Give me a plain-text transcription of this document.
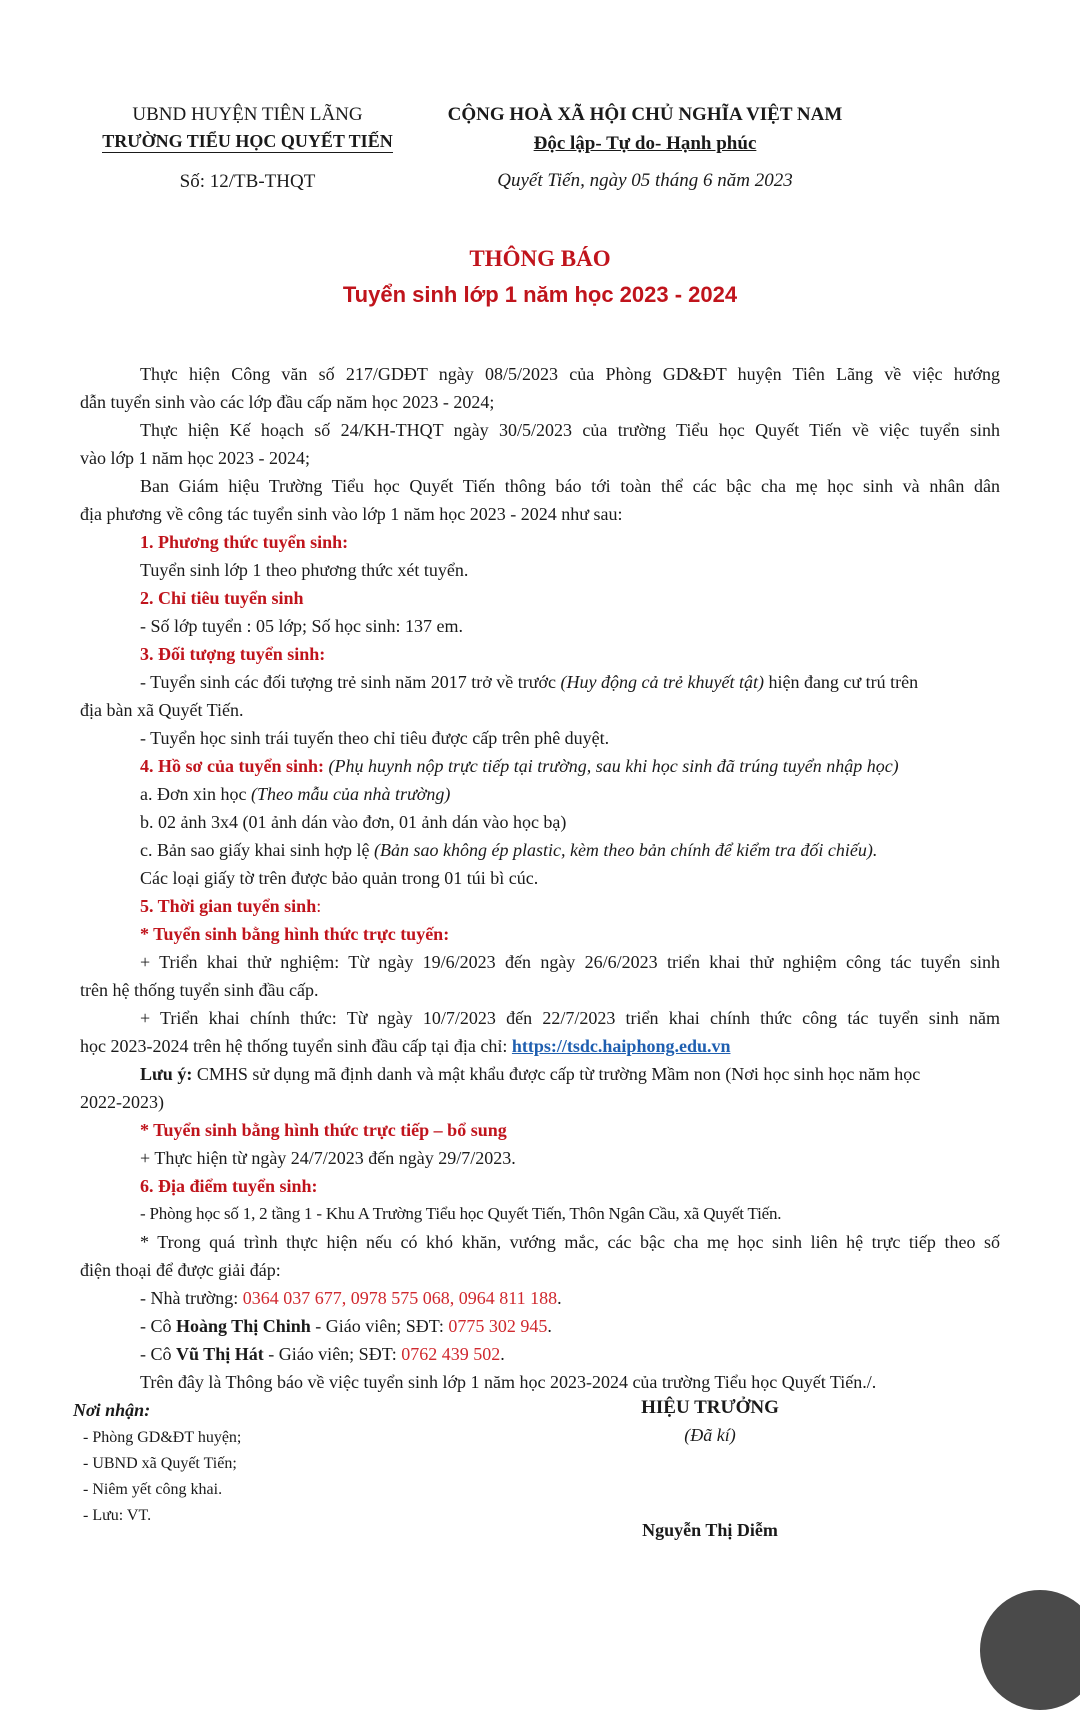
UBND HUYỆN TIÊN LÃNG
TRƯỜNG TIỂU HỌC QUYẾT TIẾN
Số: 12/TB-THQT
CỘNG HOÀ XÃ HỘI CHỦ NGHĨA VIỆT NAM
Độc lập- Tự do- Hạnh phúc
Quyết Tiến, ngày 05 tháng 6 năm 2023
THÔNG BÁO
Tuyển sinh lớp 1 năm học 2023 - 2024
Thực hiện Công văn số 217/GDĐT ngày 08/5/2023 của Phòng GD&ĐT huyện Tiên Lãng về việc hướng
dẫn tuyển sinh vào các lớp đầu cấp năm học 2023 - 2024;
Thực hiện Kế hoạch số 24/KH-THQT ngày 30/5/2023 của trường Tiểu học Quyết Tiến về việc tuyển sinh
vào lớp 1 năm học 2023 - 2024;
Ban Giám hiệu Trường Tiểu học Quyết Tiến thông báo tới toàn thể các bậc cha mẹ học sinh và nhân dân
địa phương về công tác tuyển sinh vào lớp 1 năm học 2023 - 2024 như sau:
1. Phương thức tuyển sinh:
Tuyển sinh lớp 1 theo phương thức xét tuyển.
2. Chỉ tiêu tuyển sinh
- Số lớp tuyển : 05 lớp; Số học sinh: 137 em.
3. Đối tượng tuyển sinh:
- Tuyển sinh các đối tượng trẻ sinh năm 2017 trở về trước (Huy động cả trẻ khuyết tật) hiện đang cư trú trên
địa bàn xã Quyết Tiến.
- Tuyển học sinh trái tuyến theo chỉ tiêu được cấp trên phê duyệt.
4. Hồ sơ của tuyển sinh: (Phụ huynh nộp trực tiếp tại trường, sau khi học sinh đã trúng tuyển nhập học)
a. Đơn xin học (Theo mẫu của nhà trường)
b. 02 ảnh 3x4 (01 ảnh dán vào đơn, 01 ảnh dán vào học bạ)
c. Bản sao giấy khai sinh hợp lệ (Bản sao không ép plastic, kèm theo bản chính để kiểm tra đối chiếu).
Các loại giấy tờ trên được bảo quản trong 01 túi bì cúc.
5. Thời gian tuyển sinh:
* Tuyển sinh bằng hình thức trực tuyến:
+ Triển khai thử nghiệm: Từ ngày 19/6/2023 đến ngày 26/6/2023 triển khai thử nghiệm công tác tuyển sinh
trên hệ thống tuyển sinh đầu cấp.
+ Triển khai chính thức: Từ ngày 10/7/2023 đến 22/7/2023 triển khai chính thức công tác tuyển sinh năm
học 2023-2024 trên hệ thống tuyển sinh đầu cấp tại địa chỉ: https://tsdc.haiphong.edu.vn
Lưu ý: CMHS sử dụng mã định danh và mật khẩu được cấp từ trường Mầm non (Nơi học sinh học năm học
2022-2023)
* Tuyển sinh bằng hình thức trực tiếp – bổ sung
+ Thực hiện từ ngày 24/7/2023 đến ngày 29/7/2023.
6. Địa điểm tuyển sinh:
- Phòng học số 1, 2 tầng 1 - Khu A Trường Tiểu học Quyết Tiến, Thôn Ngân Cầu, xã Quyết Tiến.
* Trong quá trình thực hiện nếu có khó khăn, vướng mắc, các bậc cha mẹ học sinh liên hệ trực tiếp theo số
điện thoại để được giải đáp:
- Nhà trường: 0364 037 677, 0978 575 068, 0964 811 188.
- Cô Hoàng Thị Chinh - Giáo viên; SĐT: 0775 302 945.
- Cô Vũ Thị Hát - Giáo viên; SĐT: 0762 439 502.
Trên đây là Thông báo về việc tuyển sinh lớp 1 năm học 2023-2024 của trường Tiểu học Quyết Tiến./.
Nơi nhận:
- Phòng GD&ĐT huyện;
- UBND xã Quyết Tiến;
- Niêm yết công khai.
- Lưu: VT.
HIỆU TRƯỞNG
(Đã kí)
Nguyễn Thị Diễm
